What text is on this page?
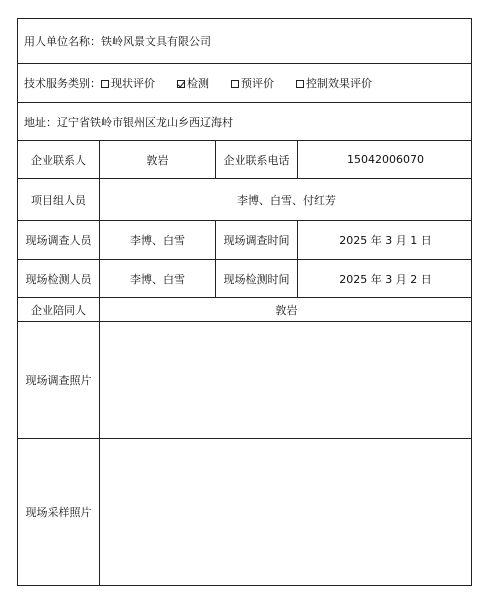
用人单位名称： 铁岭风景文具有限公司
技术服务类别： 现状评价	检测	预评价	控制效果评价
地址： 辽宁省铁岭市银州区龙山乡西辽海村
企业联系人	敦岩	企业联系电话	15042006070
项目组人员	李博、白雪、付红芳
现场调查人员	李博、白雪	现场调查时间	2025 年 3 月 1 日
现场检测人员	李博、白雪	现场检测时间	2025 年 3 月 2 日
企业陪同人	敦岩
现场调查照片
现场采样照片
